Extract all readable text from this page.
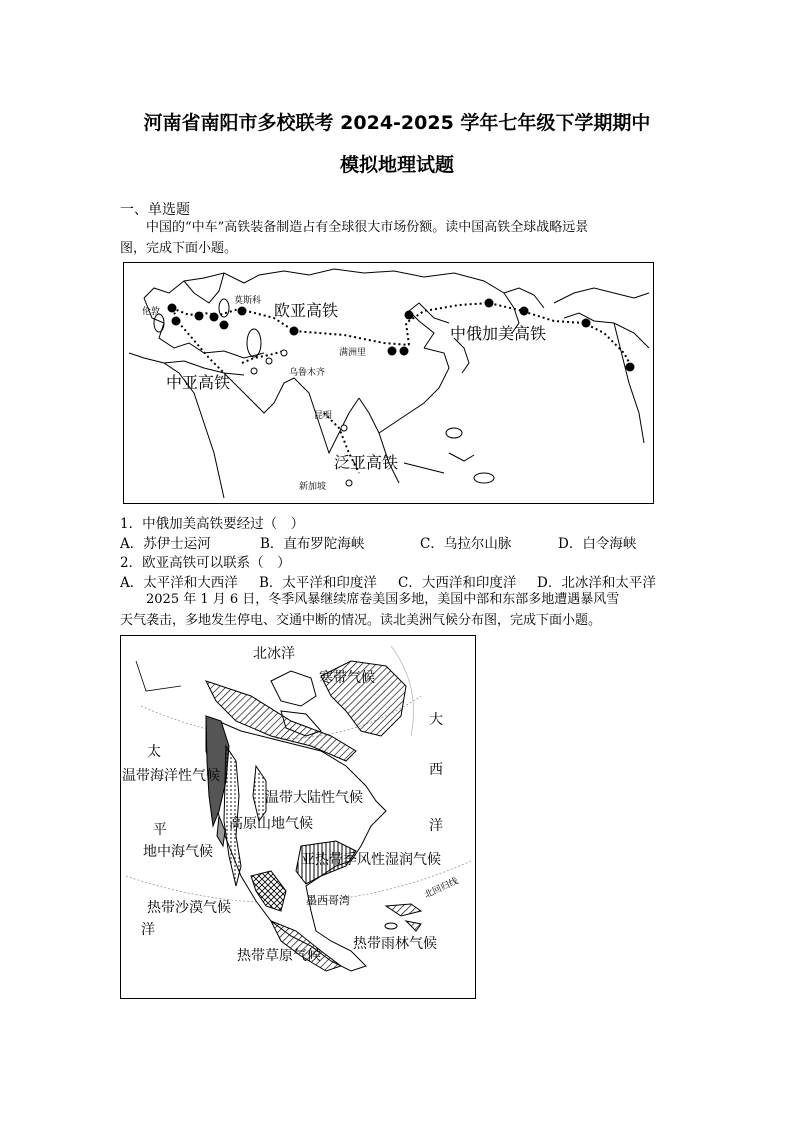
河南省南阳市多校联考 2024-2025 学年七年级下学期期中
模拟地理试题
一、单选题
中国的“中车”高铁装备制造占有全球很大市场份额。读中国高铁全球战略远景
图，完成下面小题。
伦敦
莫斯科 欧亚高铁
中俄加美高铁
满洲里
乌鲁木齐
中亚高铁
昆明
泛亚高铁
新加坡
1．中俄加美高铁要经过（　）
A．苏伊士运河	B．直布罗陀海峡	C．乌拉尔山脉	D．白令海峡
2．欧亚高铁可以联系（　）
A．太平洋和大西洋 B．太平洋和印度洋 C．大西洋和印度洋 D．北冰洋和太平洋
2025 年 1 月 6 日，冬季风暴继续席卷美国多地，美国中部和东部多地遭遇暴风雪
天气袭击，多地发生停电、交通中断的情况。读北美洲气候分布图，完成下面小题。
北冰洋
寒带气候
大
西
洋
太
平
洋
温带海洋性气候
温带大陆性气候
高原山地气候
地中海气候	亚热带季风性湿润气候
墨西哥湾	北回归线
热带沙漠气候
热带雨林气候
热带草原气候
